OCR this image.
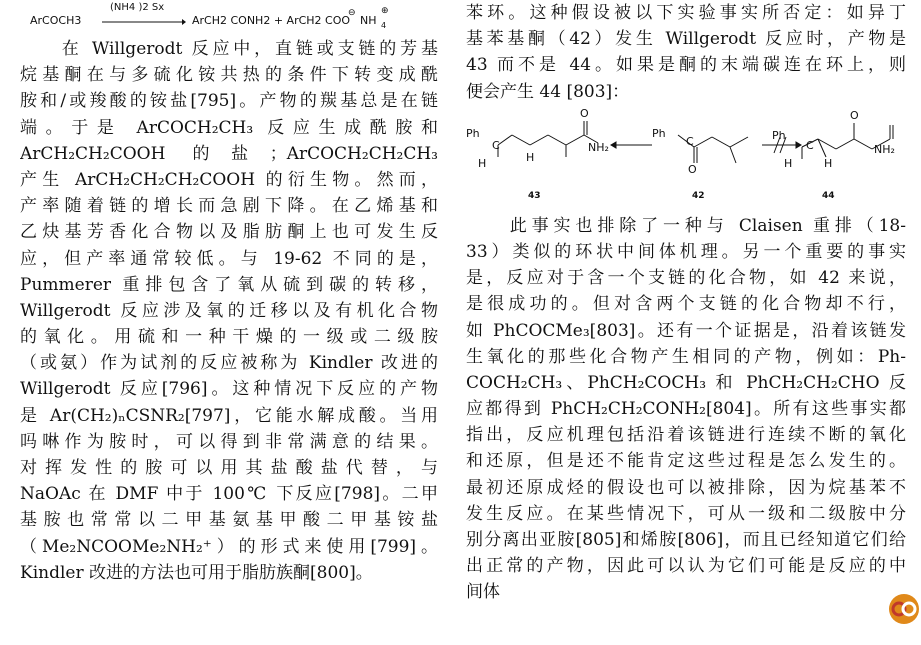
ArCOCH3
(NH4 )2 Sx
ArCH2 CONH2 + ArCH2 COO
⊖
NH 4
⊕
　　在 Willgerodt 反应中，直链或支链的芳基
烷基酮在与多硫化铵共热的条件下转变成酰
胺和/或羧酸的铵盐[795]。产物的羰基总是在链
端。于是 ArCOCH₂CH₃ 反应生成酰胺和
ArCH₂CH₂COOH 的盐；ArCOCH₂CH₂CH₃
产生 ArCH₂CH₂CH₂COOH 的衍生物。然而，
产率随着链的增长而急剧下降。在乙烯基和
乙炔基芳香化合物以及脂肪酮上也可发生反
应，但产率通常较低。与 19-62 不同的是，
Pummerer 重排包含了氧从硫到碳的转移，
Willgerodt 反应涉及氧的迁移以及有机化合物
的氧化。用硫和一种干燥的一级或二级胺
（或氨）作为试剂的反应被称为 Kindler 改进的
Willgerodt 反应[796]。这种情况下反应的产物
是 Ar(CH₂)ₙCSNR₂[797]，它能水解成酸。当用
吗啉作为胺时，可以得到非常满意的结果。
对挥发性的胺可以用其盐酸盐代替，与
NaOAc 在 DMF 中于 100℃ 下反应[798]。二甲
基胺也常常以二甲基氨基甲酸二甲基铵盐
（Me₂NCOOMe₂NH₂⁺）的形式来使用[799]。
Kindler 改进的方法也可用于脂肪族酮[800]。
苯环。这种假设被以下实验事实所否定：如异丁
基苯基酮（42）发生 Willgerodt 反应时，产物是
43 而不是 44。如果是酮的末端碳连在环上，则
便会产生 44 [803]：
Ph
C
H	H
O
NH₂
Ph
C
O
Ph
C
H	H
O
NH₂
43	42	44
　　此事实也排除了一种与 Claisen 重排（18-
33）类似的环状中间体机理。另一个重要的事实
是，反应对于含一个支链的化合物，如 42 来说，
是很成功的。但对含两个支链的化合物却不行，
如 PhCOCMe₃[803]。还有一个证据是，沿着该链发
生氧化的那些化合物产生相同的产物，例如：Ph-
COCH₂CH₃、PhCH₂COCH₃ 和 PhCH₂CH₂CHO 反
应都得到 PhCH₂CH₂CONH₂[804]。所有这些事实都
指出，反应机理包括沿着该链进行连续不断的氧化
和还原，但是还不能肯定这些过程是怎么发生的。
最初还原成烃的假设也可以被排除，因为烷基苯不
发生反应。在某些情况下，可从一级和二级胺中分
别分离出亚胺[805]和烯胺[806]，而且已经知道它们给
出正常的产物，因此可以认为它们可能是反应的中
间体
